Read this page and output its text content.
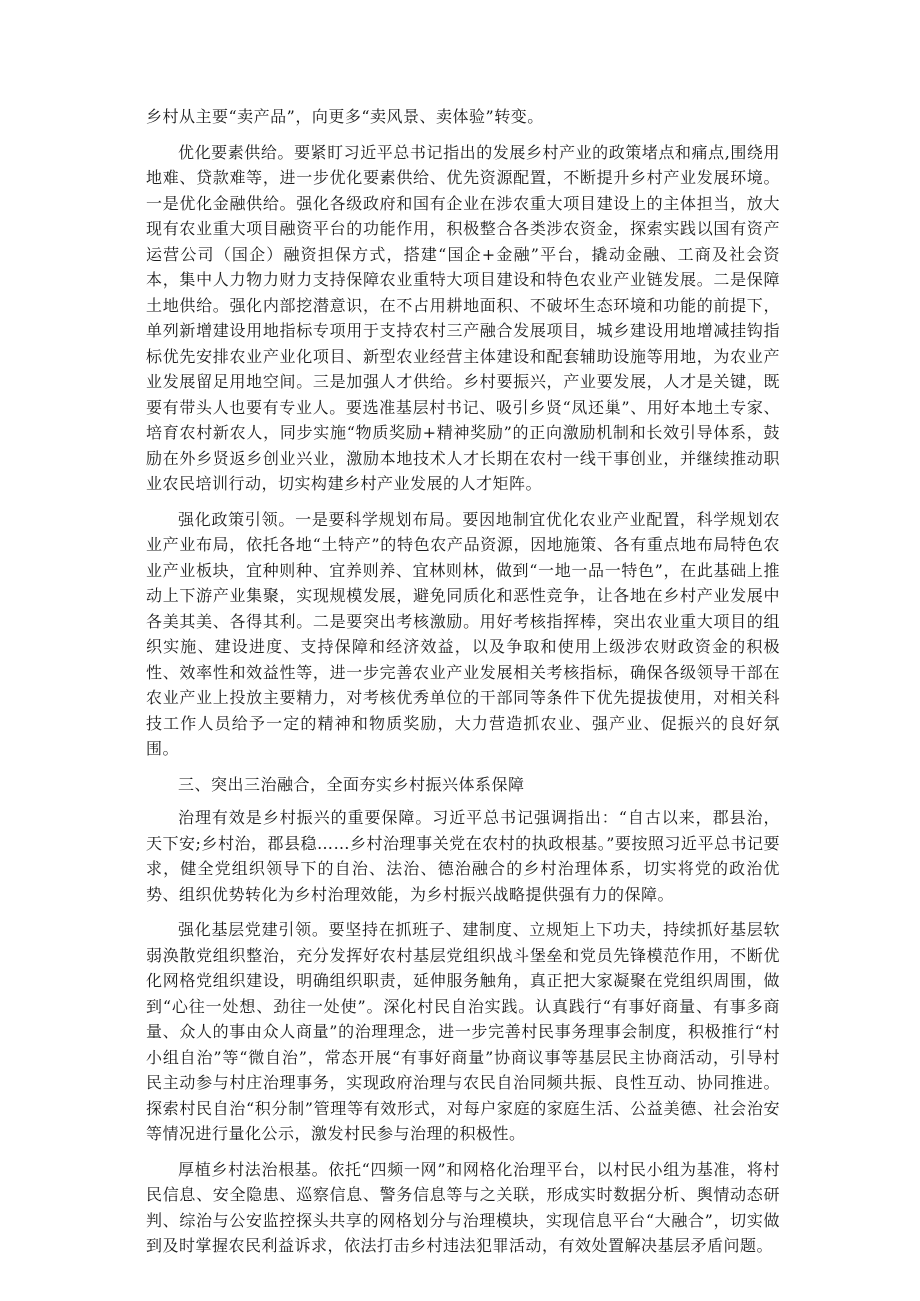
乡村从主要“卖产品”，向更多“卖风景、卖体验”转变。

优化要素供给。要紧盯习近平总书记指出的发展乡村产业的政策堵点和痛点,围绕用地难、贷款难等，进一步优化要素供给、优先资源配置，不断提升乡村产业发展环境。一是优化金融供给。强化各级政府和国有企业在涉农重大项目建设上的主体担当，放大现有农业重大项目融资平台的功能作用，积极整合各类涉农资金，探索实践以国有资产运营公司（国企）融资担保方式，搭建“国企+金融”平台，撬动金融、工商及社会资本，集中人力物力财力支持保障农业重特大项目建设和特色农业产业链发展。二是保障土地供给。强化内部挖潜意识，在不占用耕地面积、不破坏生态环境和功能的前提下，单列新增建设用地指标专项用于支持农村三产融合发展项目，城乡建设用地增减挂钩指标优先安排农业产业化项目、新型农业经营主体建设和配套辅助设施等用地，为农业产业发展留足用地空间。三是加强人才供给。乡村要振兴，产业要发展，人才是关键，既要有带头人也要有专业人。要选准基层村书记、吸引乡贤“凤还巢”、用好本地土专家、培育农村新农人，同步实施“物质奖励+精神奖励”的正向激励机制和长效引导体系，鼓励在外乡贤返乡创业兴业，激励本地技术人才长期在农村一线干事创业，并继续推动职业农民培训行动，切实构建乡村产业发展的人才矩阵。

强化政策引领。一是要科学规划布局。要因地制宜优化农业产业配置，科学规划农业产业布局，依托各地“土特产”的特色农产品资源，因地施策、各有重点地布局特色农业产业板块，宜种则种、宜养则养、宜林则林，做到“一地一品一特色”，在此基础上推动上下游产业集聚，实现规模发展，避免同质化和恶性竞争，让各地在乡村产业发展中各美其美、各得其利。二是要突出考核激励。用好考核指挥棒，突出农业重大项目的组织实施、建设进度、支持保障和经济效益，以及争取和使用上级涉农财政资金的积极性、效率性和效益性等，进一步完善农业产业发展相关考核指标，确保各级领导干部在农业产业上投放主要精力，对考核优秀单位的干部同等条件下优先提拔使用，对相关科技工作人员给予一定的精神和物质奖励，大力营造抓农业、强产业、促振兴的良好氛围。

三、突出三治融合，全面夯实乡村振兴体系保障

治理有效是乡村振兴的重要保障。习近平总书记强调指出：“自古以来，郡县治，天下安;乡村治，郡县稳……乡村治理事关党在农村的执政根基。”要按照习近平总书记要求，健全党组织领导下的自治、法治、德治融合的乡村治理体系，切实将党的政治优势、组织优势转化为乡村治理效能，为乡村振兴战略提供强有力的保障。

强化基层党建引领。要坚持在抓班子、建制度、立规矩上下功夫，持续抓好基层软弱涣散党组织整治，充分发挥好农村基层党组织战斗堡垒和党员先锋模范作用，不断优化网格党组织建设，明确组织职责，延伸服务触角，真正把大家凝聚在党组织周围，做到“心往一处想、劲往一处使”。深化村民自治实践。认真践行“有事好商量、有事多商量、众人的事由众人商量”的治理理念，进一步完善村民事务理事会制度，积极推行“村小组自治”等“微自治”，常态开展“有事好商量”协商议事等基层民主协商活动，引导村民主动参与村庄治理事务，实现政府治理与农民自治同频共振、良性互动、协同推进。探索村民自治“积分制”管理等有效形式，对每户家庭的家庭生活、公益美德、社会治安等情况进行量化公示，激发村民参与治理的积极性。

厚植乡村法治根基。依托“四频一网”和网格化治理平台，以村民小组为基准，将村民信息、安全隐患、巡察信息、警务信息等与之关联，形成实时数据分析、舆情动态研判、综治与公安监控探头共享的网格划分与治理模块，实现信息平台“大融合”，切实做到及时掌握农民利益诉求，依法打击乡村违法犯罪活动，有效处置解决基层矛盾问题。
